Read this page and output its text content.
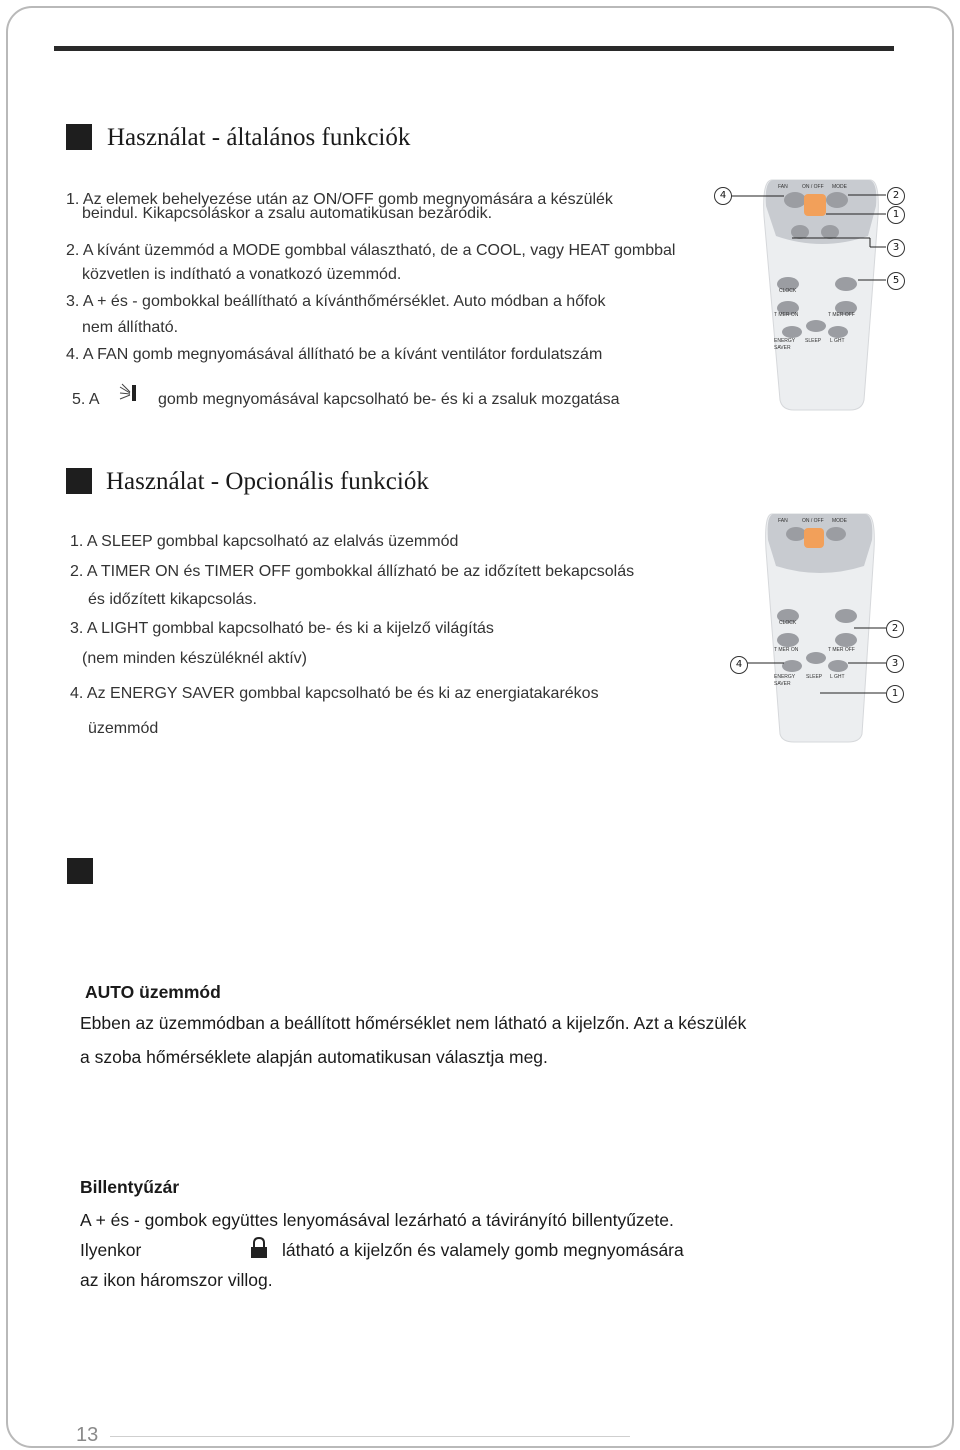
Használat - általános funkciók
1. Az elemek behelyezése után az ON/OFF gomb megnyomására a készülék
beindul. Kikapcsoláskor a zsalu automatikusan bezáródik.
2. A kívánt üzemmód a MODE gombbal választható, de a COOL, vagy HEAT gombbal
közvetlen is indítható a vonatkozó üzemmód.
3. A + és - gombokkal beállítható a kívánthőmérséklet. Auto módban a hőfok
nem állítható.
4. A FAN gomb megnyomásával állítható be a kívánt ventilátor fordulatszám
5. A	gomb megnyomásával kapcsolható be- és ki a zsaluk mozgatása
FAN	ON / OFF MODE
CLOCK
T MER ON	T MER OFF
ENERGY
SAVER
SLEEP L GHT
4	2
1
3
5
Használat - Opcionális funkciók
1. A SLEEP gombbal kapcsolható az elalvás üzemmód
2. A TIMER ON és TIMER OFF gombokkal állízható be az időzített bekapcsolás
és időzített kikapcsolás.
3. A LIGHT gombbal kapcsolható be- és ki a kijelző világítás
(nem minden készüléknél aktív)
4. Az ENERGY SAVER gombbal kapcsolható be és ki az energiatakarékos
üzemmód
FAN	ON / OFF MODE
CLOCK
T MER ON	T MER OFF
ENERGY
SAVER
SLEEP L GHT
2
4	3
1
AUTO üzemmód
Ebben az üzemmódban a beállított hőmérséklet nem látható a kijelzőn. Azt a készülék
a szoba hőmérséklete alapján automatikusan választja meg.
Billentyűzár
A + és - gombok együttes lenyomásával lezárható a távirányító billentyűzete.
Ilyenkor	látható a kijelzőn és valamely gomb megnyomására
az ikon háromszor villog.
13
